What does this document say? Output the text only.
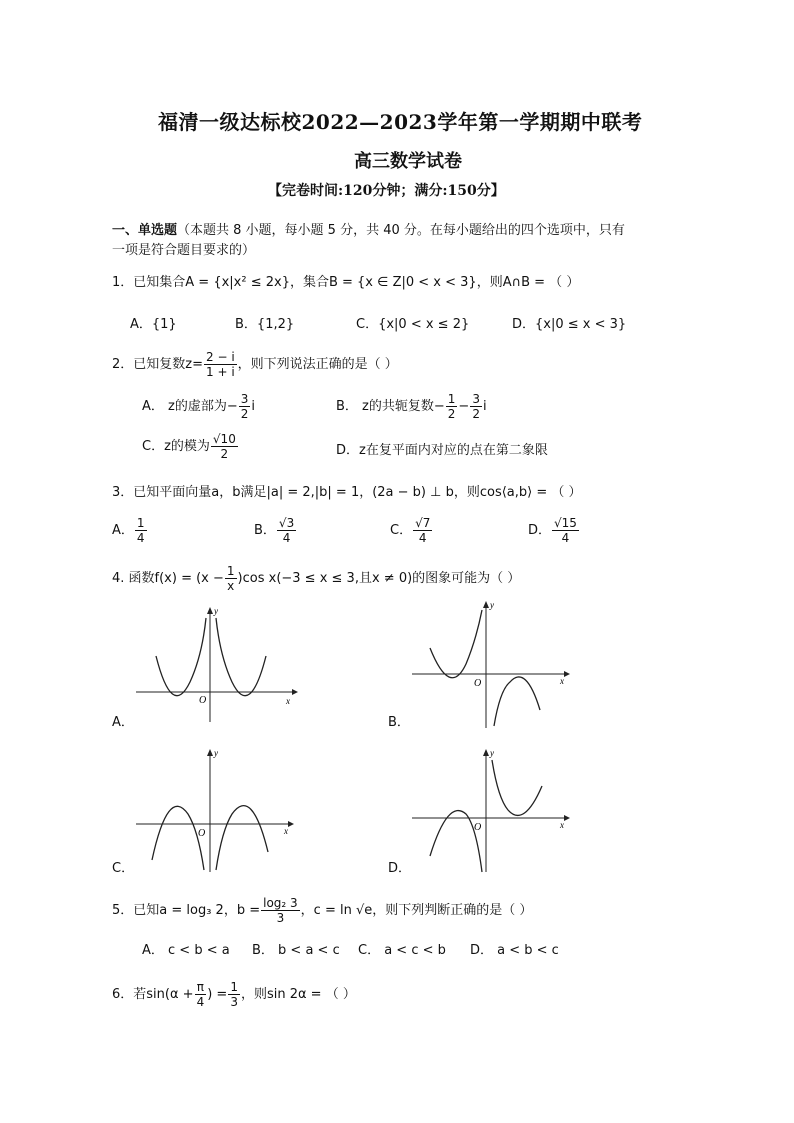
福清一级达标校2022—2023学年第一学期期中联考
高三数学试卷
【完卷时间:120分钟；满分:150分】
一、单选题（本题共 8 小题，每小题 5 分，共 40 分。在每小题给出的四个选项中，只有
一项是符合题目要求的）
1．已知集合A = {x|x² ≤ 2x}，集合B = {x ∈ Z|0 < x < 3}，则A∩B = （ ）
A．{1}	B．{1,2}	C．{x|0 < x ≤ 2}	D．{x|0 ≤ x < 3}
2．已知复数$z= \frac{2 - i}{1 + i}$ ，则下列说法正确的是（ ）
A． z的虚部为− $\frac{3}{2}$ i	B． z的共轭复数− $\frac{1}{2} - \frac{3}{2}$ i
C．z的模为 $\frac{√10}{2}$	D．z在复平面内对应的点在第二象限
3．已知平面向量a，b满足|a| = 2,|b| = 1，(2a − b) ⊥ b，则cos⟨a,b⟩ = （ ）
A． $\frac{1}{4}$	B． $\frac{√3}{4}$	C． $\frac{√7}{4}$	D． $\frac{√15}{4}$
4. 函数$f(x) = (x - \frac{1}{x} )\cos$ x(−3 ≤ x ≤ 3,且x ≠ 0)的图象可能为（ ）
A．
O	x
y
B．
O	x
y
C．
O	x
y
D．
O	x
y
5．已知a = log₃ 2，$b = \frac{\text{log₂ 3}}{3}$ ，c = ln √e，则下列判断正确的是（ ）
A． c < b < a B． b < a < c C． a < c < b D． a < b < c
6．若$\sin(\alpha + \frac{\pi}{4}$ ) = $\frac{1}{3}$ ，则sin 2α = （ ）
